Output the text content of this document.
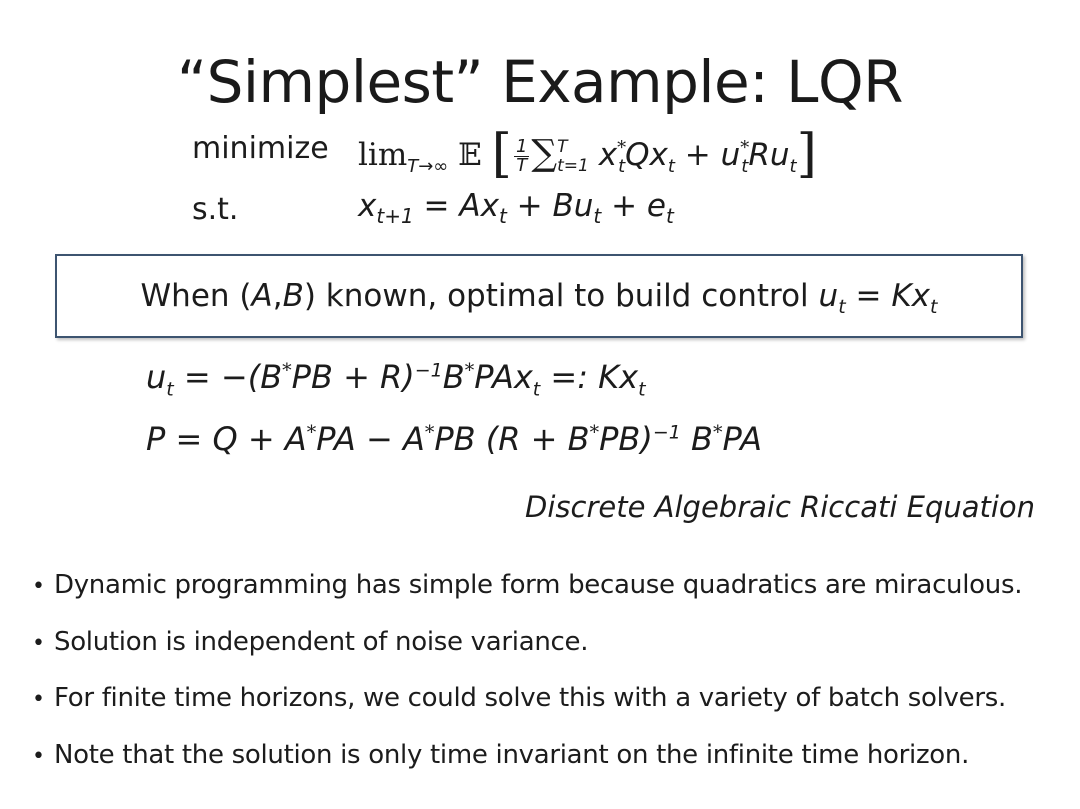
“Simplest” Example: LQR
minimize $\lim_{T\to\infty}$ 𝔼 [ $\frac{1}{T}$ ∑ T
t=1 $x^*_tQx_t + u^*_tRu_t$]
s.t.	$x_{t+1} = Ax_t + Bu_t + e_t$
When (A,B) known, optimal to build control $u_t = Kx_t$
$u_t = -(B^*PB + R)^{-1}B^*PAx_t$ =: $Kx_t$
P = Q + A*PA − A*PB $(R + B^*PB)^{-1}$ B*PA
Discrete Algebraic Riccati Equation
• Dynamic programming has simple form because quadratics are miraculous.
• Solution is independent of noise variance.
• For finite time horizons, we could solve this with a variety of batch solvers.
• Note that the solution is only time invariant on the infinite time horizon.
